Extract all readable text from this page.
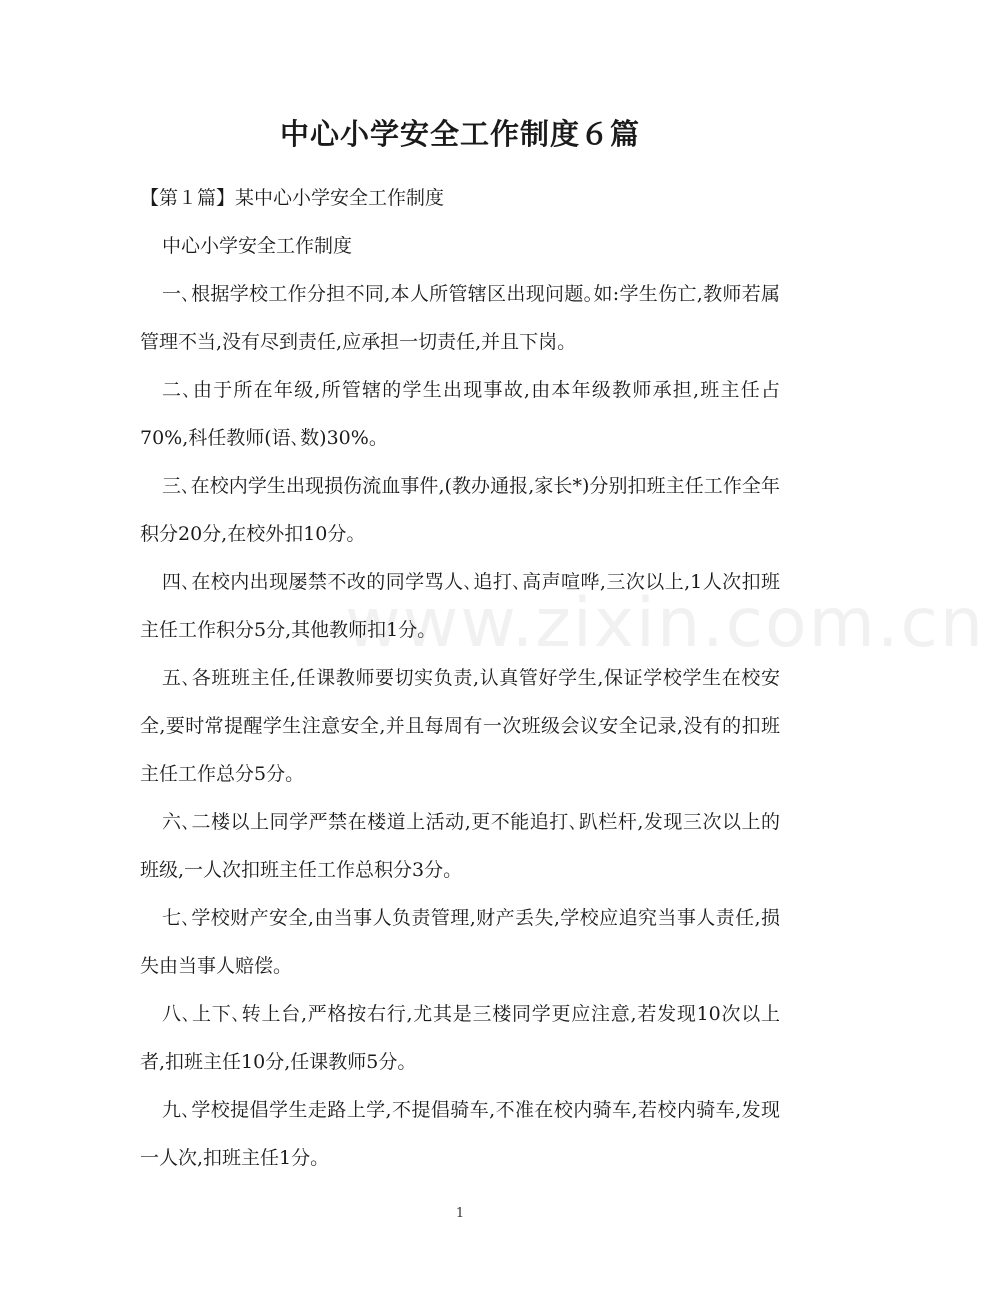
www.zixin.com.cn
中心小学安全工作制度６篇

【第１篇】某中心小学安全工作制度

中心小学安全工作制度

一､根据学校工作分担不同,本人所管辖区出现问题｡如:学生伤亡,教师若属管理不当,没有尽到责任,应承担一切责任,并且下岗｡

二､由于所在年级,所管辖的学生出现事故,由本年级教师承担,班主任占70%,科任教师(语､数)30%｡

三､在校内学生出现损伤流血事件,(教办通报,家长*)分别扣班主任工作全年积分20分,在校外扣10分｡

四､在校内出现屡禁不改的同学骂人､追打､高声喧哗,三次以上,1人次扣班主任工作积分5分,其他教师扣1分｡

五､各班班主任,任课教师要切实负责,认真管好学生,保证学校学生在校安全,要时常提醒学生注意安全,并且每周有一次班级会议安全记录,没有的扣班主任工作总分5分｡

六､二楼以上同学严禁在楼道上活动,更不能追打､趴栏杆,发现三次以上的班级,一人次扣班主任工作总积分3分｡

七､学校财产安全,由当事人负责管理,财产丢失,学校应追究当事人责任,损失由当事人赔偿｡

八､上下､转上台,严格按右行,尤其是三楼同学更应注意,若发现10次以上者,扣班主任10分,任课教师5分｡

九､学校提倡学生走路上学,不提倡骑车,不准在校内骑车,若校内骑车,发现一人次,扣班主任1分｡

1
